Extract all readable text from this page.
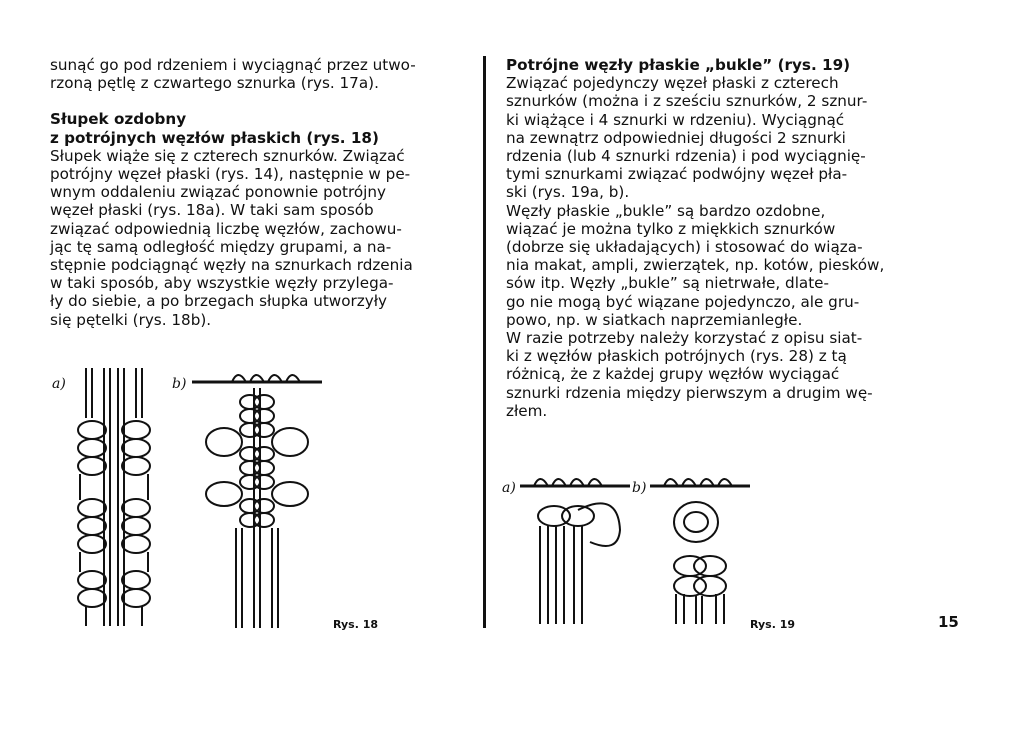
sunąć go pod rdzeniem i wyciągnąć przez utwo-

rzoną pętlę z czwartego sznurka (rys. 17a).

Słupek ozdobny

z potrójnych węzłów płaskich (rys. 18)

Słupek wiąże się z czterech sznurków. Związać

potrójny węzeł płaski (rys. 14), następnie w pe-

wnym oddaleniu związać ponownie potrójny

węzeł płaski (rys. 18a). W taki sam sposób

związać odpowiednią liczbę węzłów, zachowu-

jąc tę samą odległość między grupami, a na-

stępnie podciągnąć węzły na sznurkach rdzenia

w taki sposób, aby wszystkie węzły przylega-

ły do siebie, a po brzegach słupka utworzyły

się pętelki (rys. 18b).

Potrójne węzły płaskie „bukle” (rys. 19)

Związać pojedynczy węzeł płaski z czterech

sznurków (można i z sześciu sznurków, 2 sznur-

ki wiążące i 4 sznurki w rdzeniu). Wyciągnąć

na zewnątrz odpowiedniej długości 2 sznurki

rdzenia (lub 4 sznurki rdzenia) i pod wyciągnię-

tymi sznurkami związać podwójny węzeł pła-

ski (rys. 19a, b).

Węzły płaskie „bukle” są bardzo ozdobne,

wiązać je można tylko z miękkich sznurków

(dobrze się układających) i stosować do wiąza-

nia makat, ampli, zwierzątek, np. kotów, piesków,

sów itp. Węzły „bukle” są nietrwałe, dlate-

go nie mogą być wiązane pojedynczo, ale gru-

powo, np. w siatkach naprzemianległe.

W razie potrzeby należy korzystać z opisu siat-

ki z węzłów płaskich potrójnych (rys. 28) z tą

różnicą, że z każdej grupy węzłów wyciągać

sznurki rdzenia między pierwszym a drugim wę-

złem.

a)	b)
Rys. 18
a)	b)
Rys. 19	15
